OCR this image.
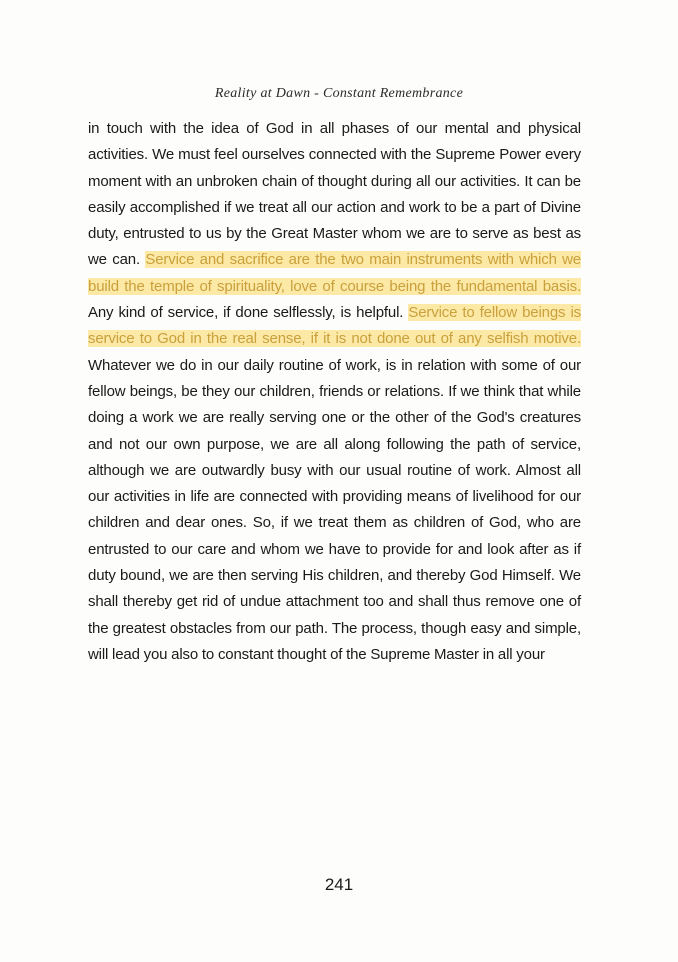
Reality at Dawn - Constant Remembrance

in touch with the idea of God in all phases of our mental and physical activities. We must feel ourselves connected with the Supreme Power every moment with an unbroken chain of thought during all our activities. It can be easily accomplished if we treat all our action and work to be a part of Divine duty, entrusted to us by the Great Master whom we are to serve as best as we can. Service and sacrifice are the two main instruments with which we build the temple of spirituality, love of course being the fundamental basis. Any kind of service, if done selflessly, is helpful. Service to fellow beings is service to God in the real sense, if it is not done out of any selfish motive. Whatever we do in our daily routine of work, is in relation with some of our fellow beings, be they our children, friends or relations. If we think that while doing a work we are really serving one or the other of the God's creatures and not our own purpose, we are all along following the path of service, although we are outwardly busy with our usual routine of work. Almost all our activities in life are connected with providing means of livelihood for our children and dear ones. So, if we treat them as children of God, who are entrusted to our care and whom we have to provide for and look after as if duty bound, we are then serving His children, and thereby God Himself. We shall thereby get rid of undue attachment too and shall thus remove one of the greatest obstacles from our path. The process, though easy and simple, will lead you also to constant thought of the Supreme Master in all your

241
